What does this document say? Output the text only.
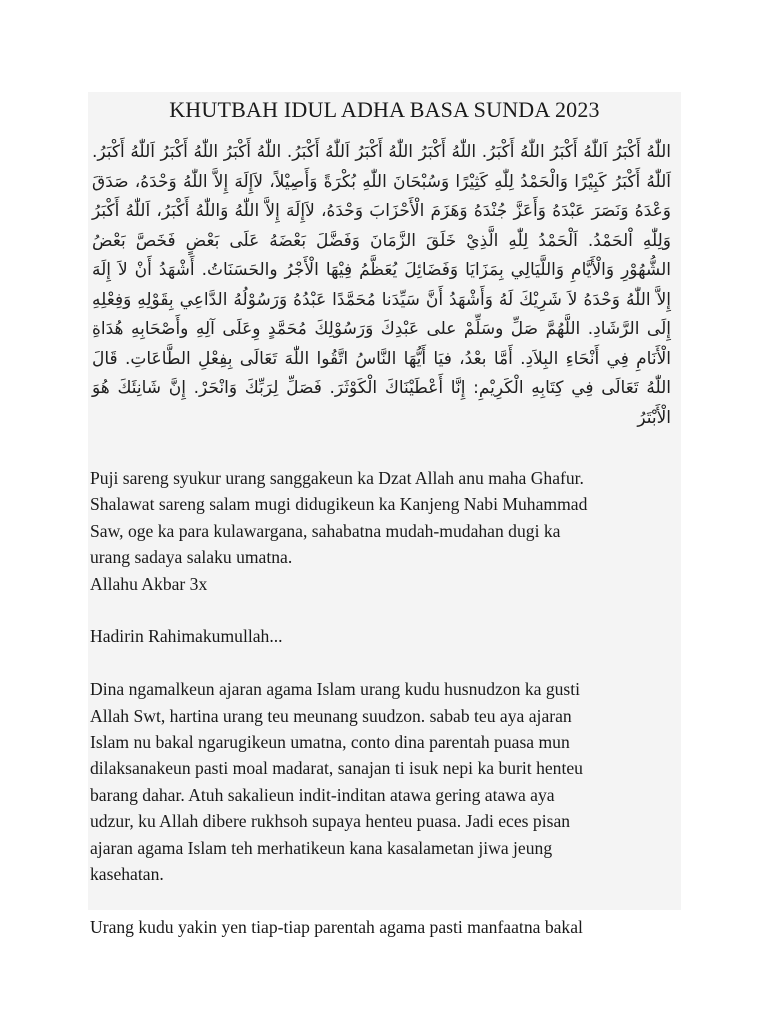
KHUTBAH IDUL ADHA BASA SUNDA 2023
اللّٰهُ أَكْبَرُ اَللّٰهُ أَكْبَرُ اللّٰهُ أَكْبَرُ. اللّٰهُ أَكْبَرُ اللّٰهُ أَكْبَرُ اَللّٰهُ أَكْبَرُ. اللّٰهُ أَكْبَرُ اللّٰهُ أَكْبَرُ اَللّٰهُ أَكْبَرُ. اَللّٰهُ أَكْبَرُ كَبِيْرًا وَالْحَمْدُ لِلّٰهِ كَثِيْرًا وَسُبْحَانَ اللّٰهِ بُكْرَةً وَأَصِيْلاً، لاَإِلَهَ إِلاَّ اللّٰهُ وَحْدَهُ، صَدَقَ وَعْدَهُ وَنَصَرَ عَبْدَهُ وَأَعَزَّ جُنْدَهُ وَهَزَمَ الْأَحْزَابَ وَحْدَهُ، لاَإِلَهَ إِلاَّ اللّٰهُ وَاللّٰهُ أَكْبَرُ، اَللّٰهُ أَكْبَرُ وَلِلّٰهِ اْلحَمْدُ. اَلْحَمْدُ لِلّٰهِ الَّذِيْ خَلَقَ الزَّمَانَ وَفَضَّلَ بَعْضَهُ عَلَى بَعْضٍ فَخَصَّ بَعْضُ الشُّهُوْرِ وَالْأَيَّامِ وَاللَّيَالِي بِمَزَايَا وَفَضَائِلَ يُعَظَّمُ فِيْهَا الْأَجْرُ والحَسَنَاتُ. أَشْهَدُ أَنْ لاَ إِلَهَ إِلاَّ اللّٰهُ وَحْدَهُ لاَ شَرِيْكَ لَهُ وَأَشْهَدُ أَنَّ سَيِّدَنا مُحَمَّدًا عَبْدُهُ وَرَسُوْلُهُ الدَّاعِي بِقَوْلِهِ وَفِعْلِهِ إِلَى الرَّشَادِ. اللَّهُمَّ صَلِّ وسَلِّمْ على عَبْدِكَ وَرَسُوْلِكَ مُحَمَّدٍ وِعَلَى آلِهِ وأَصْحَابِهِ هُدَاةِ الْأَنَامِ فِي أَنْحَاءِ البِلاَدِ. أَمَّا بعْدُ، فيَا أَيُّهَا النَّاسُ اتَّقُوا اللّٰهَ تَعَالَى بِفِعْلِ الطَّاعَاتِ. قَالَ اللّٰهُ تَعَالَى فِي كِتَابِهِ الْكَرِيْمِ: إِنَّا أَعْطَيْنَاكَ الْكَوْثَرَ. فَصَلِّ لِرَبِّكَ وَانْحَرْ. إِنَّ شَانِئَكَ هُوَ الْأَبْتَرُ

Puji sareng syukur urang sanggakeun ka Dzat Allah anu maha Ghafur.
Shalawat sareng salam mugi didugikeun ka Kanjeng Nabi Muhammad
Saw, oge ka para kulawargana, sahabatna mudah-mudahan dugi ka
urang sadaya salaku umatna.
Allahu Akbar 3x

Hadirin Rahimakumullah...

Dina ngamalkeun ajaran agama Islam urang kudu husnudzon ka gusti
Allah Swt, hartina urang teu meunang suudzon. sabab teu aya ajaran
Islam nu bakal ngarugikeun umatna, conto dina parentah puasa mun
dilaksanakeun pasti moal madarat, sanajan ti isuk nepi ka burit henteu
barang dahar. Atuh sakalieun indit-inditan atawa gering atawa aya
udzur, ku Allah dibere rukhsoh supaya henteu puasa. Jadi eces pisan
ajaran agama Islam teh merhatikeun kana kasalametan jiwa jeung
kasehatan.

Urang kudu yakin yen tiap-tiap parentah agama pasti manfaatna bakal
